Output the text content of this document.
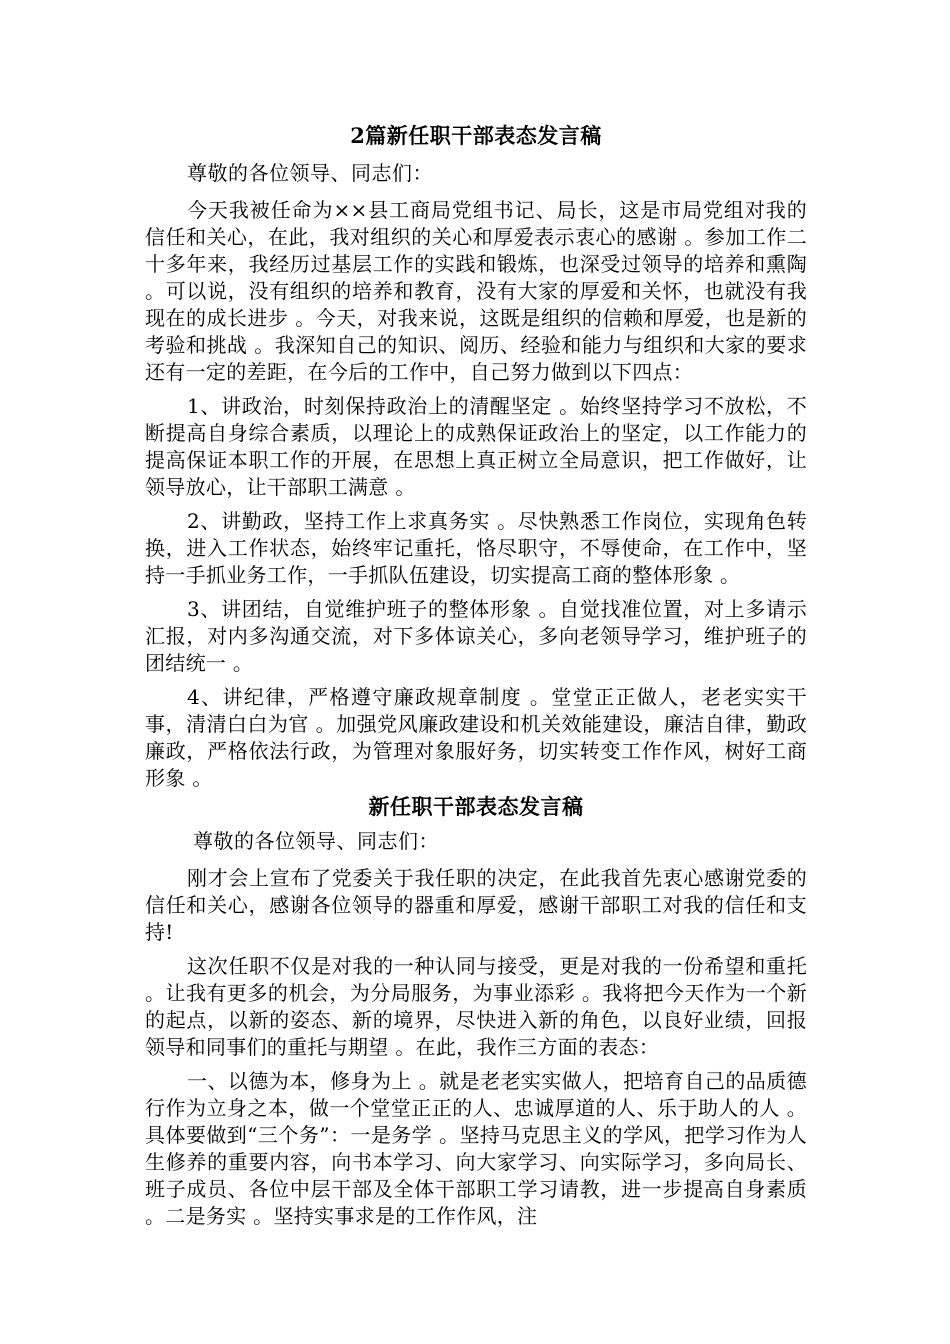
2篇新任职干部表态发言稿

尊敬的各位领导、同志们：

今天我被任命为××县工商局党组书记、局长，这是市局党组对我的信任和关心，在此，我对组织的关心和厚爱表示衷心的感谢 。参加工作二十多年来，我经历过基层工作的实践和锻炼，也深受过领导的培养和熏陶 。可以说，没有组织的培养和教育，没有大家的厚爱和关怀，也就没有我现在的成长进步 。今天，对我来说，这既是组织的信赖和厚爱，也是新的考验和挑战 。我深知自己的知识、阅历、经验和能力与组织和大家的要求还有一定的差距，在今后的工作中，自己努力做到以下四点：

1、讲政治，时刻保持政治上的清醒坚定 。始终坚持学习不放松，不断提高自身综合素质，以理论上的成熟保证政治上的坚定，以工作能力的提高保证本职工作的开展，在思想上真正树立全局意识，把工作做好，让领导放心，让干部职工满意 。

2、讲勤政，坚持工作上求真务实 。尽快熟悉工作岗位，实现角色转换，进入工作状态，始终牢记重托，恪尽职守，不辱使命，在工作中，坚持一手抓业务工作，一手抓队伍建设，切实提高工商的整体形象 。

3、讲团结，自觉维护班子的整体形象 。自觉找准位置，对上多请示汇报，对内多沟通交流，对下多体谅关心，多向老领导学习，维护班子的团结统一 。

4、讲纪律，严格遵守廉政规章制度 。堂堂正正做人，老老实实干事，清清白白为官 。加强党风廉政建设和机关效能建设，廉洁自律，勤政廉政，严格依法行政，为管理对象服好务，切实转变工作作风，树好工商形象 。

新任职干部表态发言稿

尊敬的各位领导、同志们：

刚才会上宣布了党委关于我任职的决定，在此我首先衷心感谢党委的信任和关心，感谢各位领导的器重和厚爱，感谢干部职工对我的信任和支持!

这次任职不仅是对我的一种认同与接受，更是对我的一份希望和重托 。让我有更多的机会，为分局服务，为事业添彩 。我将把今天作为一个新的起点，以新的姿态、新的境界，尽快进入新的角色，以良好业绩，回报领导和同事们的重托与期望 。在此，我作三方面的表态：

一、以德为本，修身为上 。就是老老实实做人，把培育自己的品质德行作为立身之本，做一个堂堂正正的人、忠诚厚道的人、乐于助人的人 。具体要做到“三个务”：一是务学 。坚持马克思主义的学风，把学习作为人生修养的重要内容，向书本学习、向大家学习、向实际学习，多向局长、班子成员、各位中层干部及全体干部职工学习请教，进一步提高自身素质 。二是务实 。坚持实事求是的工作作风，注
